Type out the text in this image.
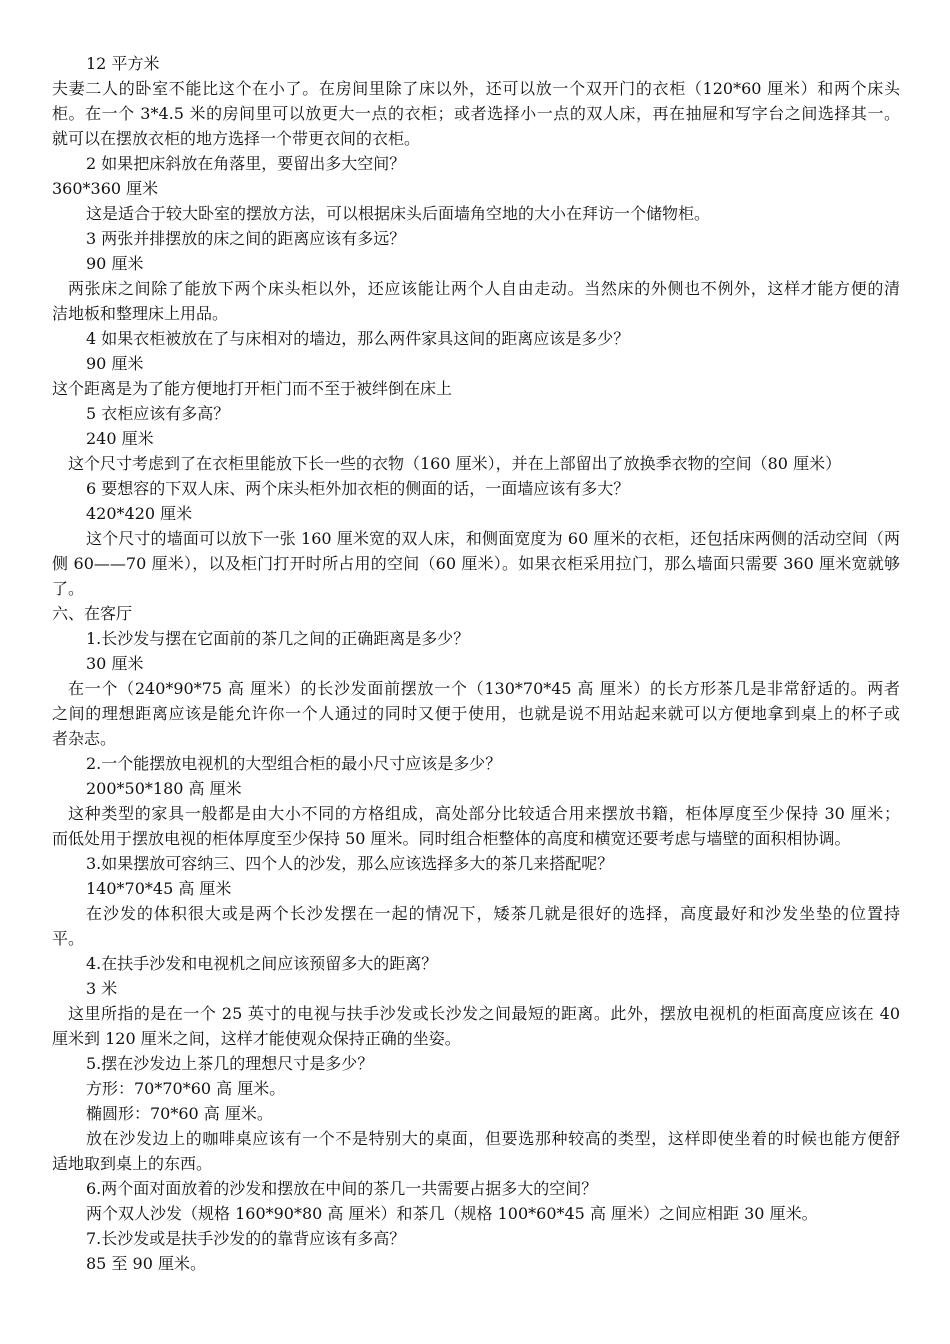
12 平方米
夫妻二人的卧室不能比这个在小了。在房间里除了床以外，还可以放一个双开门的衣柜（120*60 厘米）和两个床头
柜。在一个 3*4.5 米的房间里可以放更大一点的衣柜；或者选择小一点的双人床，再在抽屉和写字台之间选择其一。
就可以在摆放衣柜的地方选择一个带更衣间的衣柜。
2 如果把床斜放在角落里，要留出多大空间？
360*360 厘米
这是适合于较大卧室的摆放方法，可以根据床头后面墙角空地的大小在拜访一个储物柜。
3 两张并排摆放的床之间的距离应该有多远？
90 厘米
两张床之间除了能放下两个床头柜以外，还应该能让两个人自由走动。当然床的外侧也不例外，这样才能方便的清
洁地板和整理床上用品。
4 如果衣柜被放在了与床相对的墙边，那么两件家具这间的距离应该是多少？
90 厘米
这个距离是为了能方便地打开柜门而不至于被绊倒在床上
5 衣柜应该有多高？
240 厘米
这个尺寸考虑到了在衣柜里能放下长一些的衣物（160 厘米），并在上部留出了放换季衣物的空间（80 厘米）
6 要想容的下双人床、两个床头柜外加衣柜的侧面的话，一面墙应该有多大？
420*420 厘米
这个尺寸的墙面可以放下一张 160 厘米宽的双人床，和侧面宽度为 60 厘米的衣柜，还包括床两侧的活动空间（两
侧 60——70 厘米），以及柜门打开时所占用的空间（60 厘米）。如果衣柜采用拉门，那么墙面只需要 360 厘米宽就够
了。
六、在客厅
1.长沙发与摆在它面前的茶几之间的正确距离是多少？
30 厘米
在一个（240*90*75 高 厘米）的长沙发面前摆放一个（130*70*45 高 厘米）的长方形茶几是非常舒适的。两者
之间的理想距离应该是能允许你一个人通过的同时又便于使用，也就是说不用站起来就可以方便地拿到桌上的杯子或
者杂志。
2.一个能摆放电视机的大型组合柜的最小尺寸应该是多少？
200*50*180 高 厘米
这种类型的家具一般都是由大小不同的方格组成，高处部分比较适合用来摆放书籍，柜体厚度至少保持 30 厘米；
而低处用于摆放电视的柜体厚度至少保持 50 厘米。同时组合柜整体的高度和横宽还要考虑与墙壁的面积相协调。
3.如果摆放可容纳三、四个人的沙发，那么应该选择多大的茶几来搭配呢？
140*70*45 高 厘米
在沙发的体积很大或是两个长沙发摆在一起的情况下，矮茶几就是很好的选择，高度最好和沙发坐垫的位置持
平。
4.在扶手沙发和电视机之间应该预留多大的距离？
3 米
这里所指的是在一个 25 英寸的电视与扶手沙发或长沙发之间最短的距离。此外，摆放电视机的柜面高度应该在 40
厘米到 120 厘米之间，这样才能使观众保持正确的坐姿。
5.摆在沙发边上茶几的理想尺寸是多少？
方形：70*70*60 高 厘米。
椭圆形：70*60 高 厘米。
放在沙发边上的咖啡桌应该有一个不是特别大的桌面，但要选那种较高的类型，这样即使坐着的时候也能方便舒
适地取到桌上的东西。
6.两个面对面放着的沙发和摆放在中间的茶几一共需要占据多大的空间？
两个双人沙发（规格 160*90*80 高 厘米）和茶几（规格 100*60*45 高 厘米）之间应相距 30 厘米。
7.长沙发或是扶手沙发的的靠背应该有多高？
85 至 90 厘米。
